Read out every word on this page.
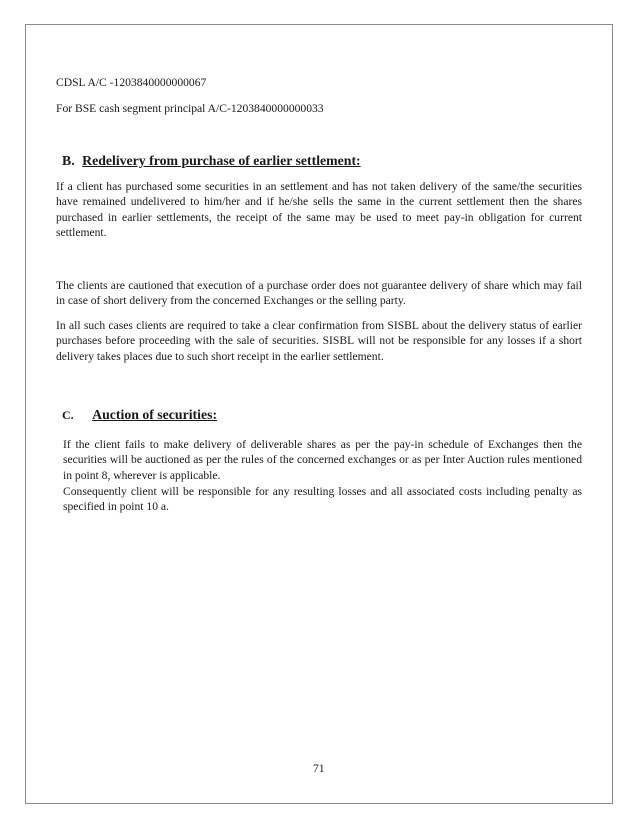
CDSL A/C -1203840000000067
For BSE cash segment principal A/C-1203840000000033
B. Redelivery from purchase of earlier settlement:
If a client has purchased some securities in an settlement and has not taken delivery of the same/the securities have remained undelivered to him/her and if he/she sells the same in the current settlement then the shares purchased in earlier settlements, the receipt of the same may be used to meet pay-in obligation for current settlement.
The clients are cautioned that execution of a purchase order does not guarantee delivery of share which may fail in case of short delivery from the concerned Exchanges or the selling party.
In all such cases clients are required to take a clear confirmation from SISBL about the delivery status of earlier purchases before proceeding with the sale of securities. SISBL will not be responsible for any losses if a short delivery takes places due to such short receipt in the earlier settlement.
C. Auction of securities:
If the client fails to make delivery of deliverable shares as per the pay-in schedule of Exchanges then the securities will be auctioned as per the rules of the concerned exchanges or as per Inter Auction rules mentioned in point 8, wherever is applicable.
Consequently client will be responsible for any resulting losses and all associated costs including penalty as specified in point 10 a.
71
